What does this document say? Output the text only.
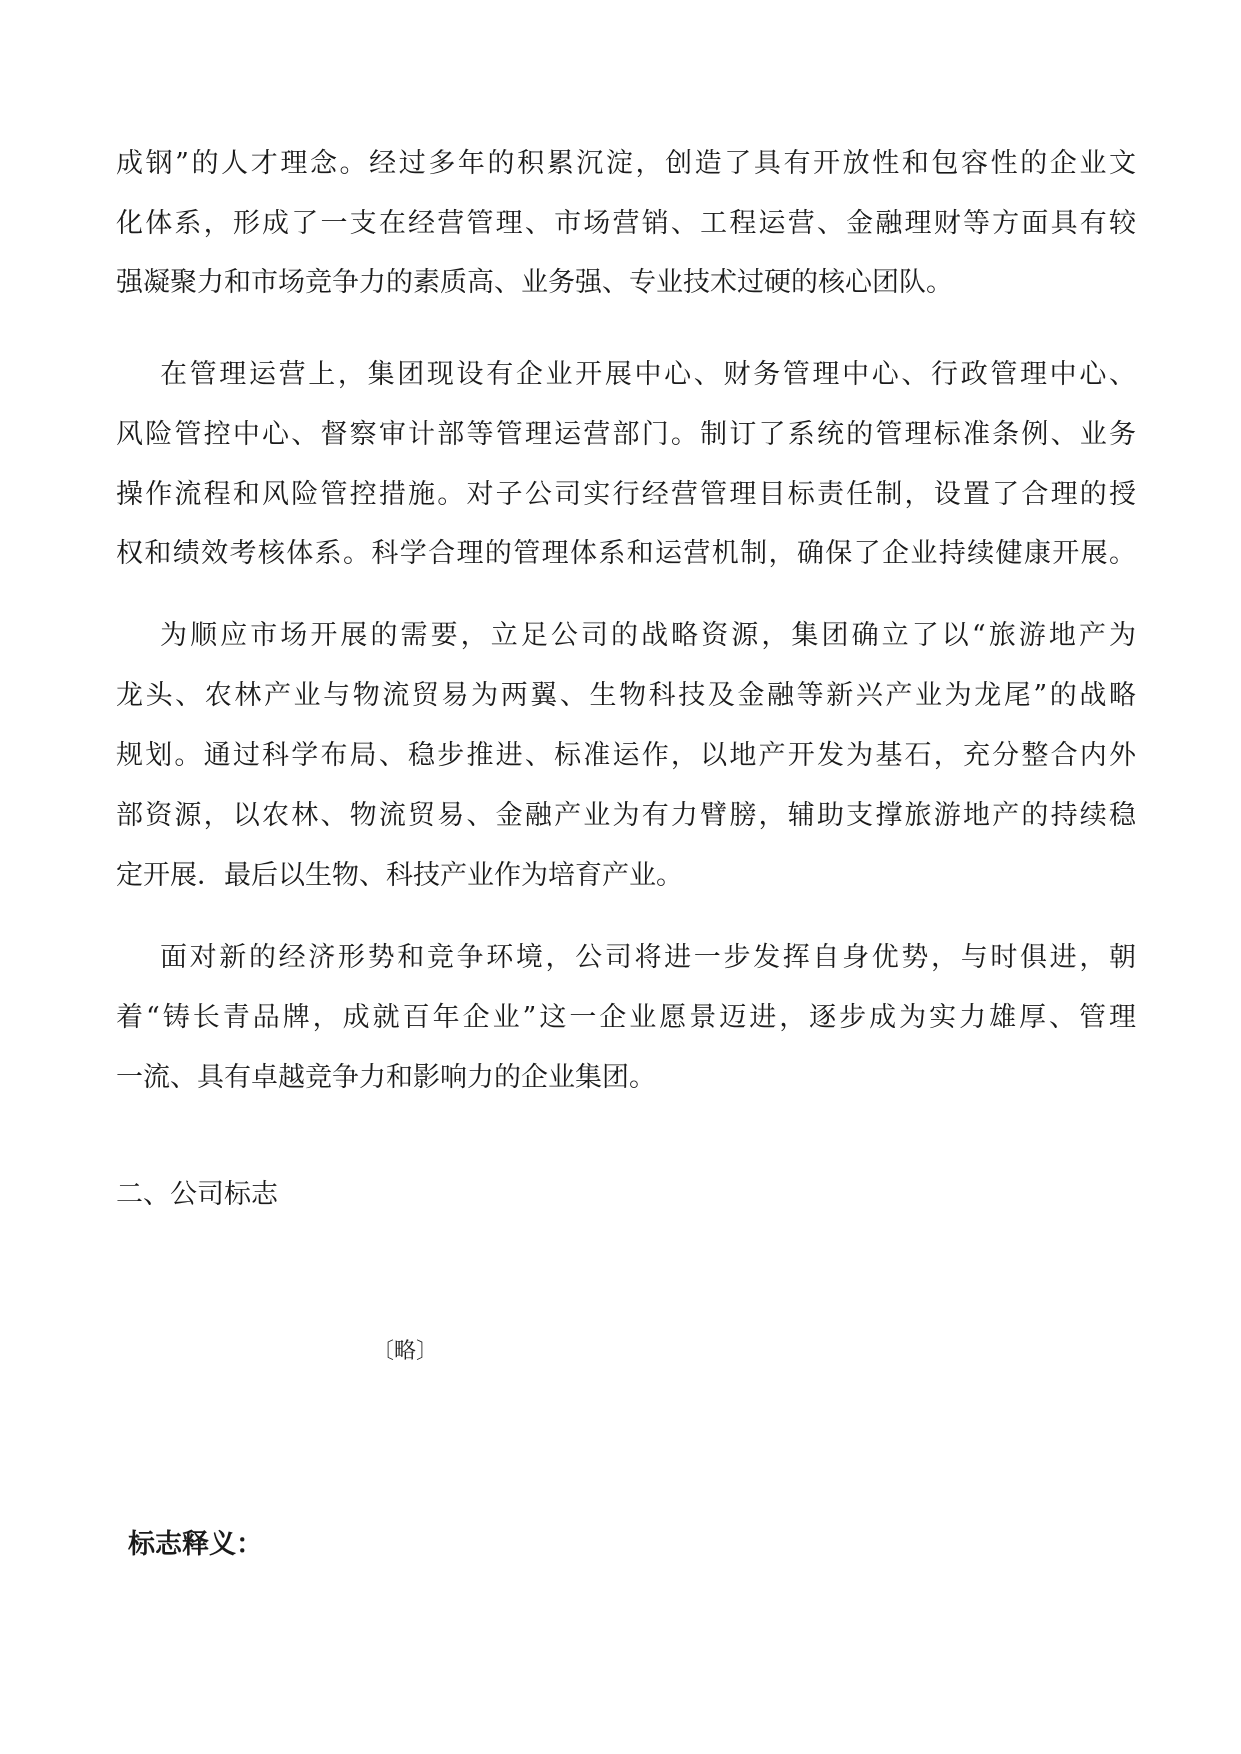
成钢”的人才理念。经过多年的积累沉淀，创造了具有开放性和包容性的企业文
化体系，形成了一支在经营管理、市场营销、工程运营、金融理财等方面具有较
强凝聚力和市场竞争力的素质高、业务强、专业技术过硬的核心团队。
在管理运营上，集团现设有企业开展中心、财务管理中心、行政管理中心、
风险管控中心、督察审计部等管理运营部门。制订了系统的管理标准条例、业务
操作流程和风险管控措施。对子公司实行经营管理目标责任制，设置了合理的授
权和绩效考核体系。科学合理的管理体系和运营机制，确保了企业持续健康开展。
为顺应市场开展的需要，立足公司的战略资源，集团确立了以“旅游地产为
龙头、农林产业与物流贸易为两翼、生物科技及金融等新兴产业为龙尾”的战略
规划。通过科学布局、稳步推进、标准运作，以地产开发为基石，充分整合内外
部资源，以农林、物流贸易、金融产业为有力臂膀，辅助支撑旅游地产的持续稳
定开展．最后以生物、科技产业作为培育产业。
面对新的经济形势和竞争环境，公司将进一步发挥自身优势，与时俱进，朝
着“铸长青品牌，成就百年企业”这一企业愿景迈进，逐步成为实力雄厚、管理
一流、具有卓越竞争力和影响力的企业集团。
二、公司标志
〔略〕
标志释义：
